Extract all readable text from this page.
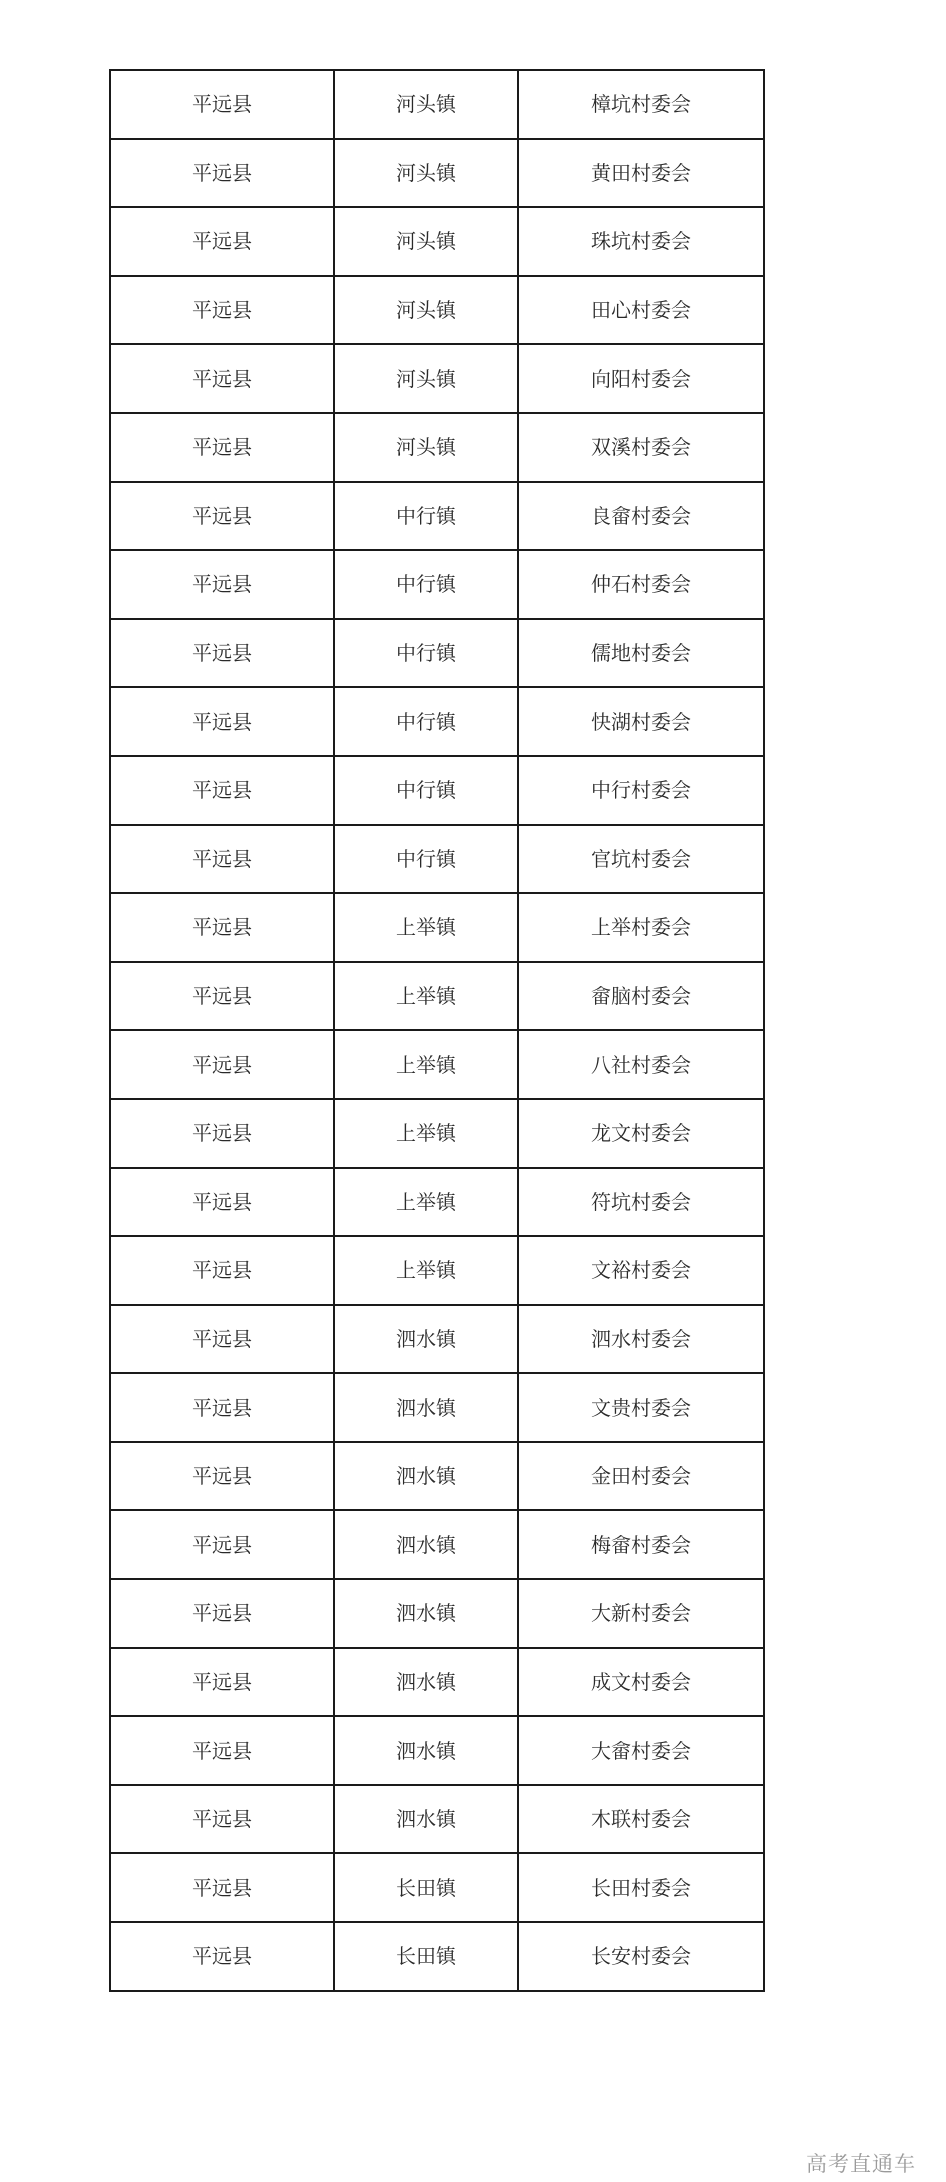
平远县	河头镇	樟坑村委会
平远县	河头镇	黄田村委会
平远县	河头镇	珠坑村委会
平远县	河头镇	田心村委会
平远县	河头镇	向阳村委会
平远县	河头镇	双溪村委会
平远县	中行镇	良畲村委会
平远县	中行镇	仲石村委会
平远县	中行镇	儒地村委会
平远县	中行镇	快湖村委会
平远县	中行镇	中行村委会
平远县	中行镇	官坑村委会
平远县	上举镇	上举村委会
平远县	上举镇	畲脑村委会
平远县	上举镇	八社村委会
平远县	上举镇	龙文村委会
平远县	上举镇	符坑村委会
平远县	上举镇	文裕村委会
平远县	泗水镇	泗水村委会
平远县	泗水镇	文贵村委会
平远县	泗水镇	金田村委会
平远县	泗水镇	梅畲村委会
平远县	泗水镇	大新村委会
平远县	泗水镇	成文村委会
平远县	泗水镇	大畲村委会
平远县	泗水镇	木联村委会
平远县	长田镇	长田村委会
平远县	长田镇	长安村委会
高考直通车
